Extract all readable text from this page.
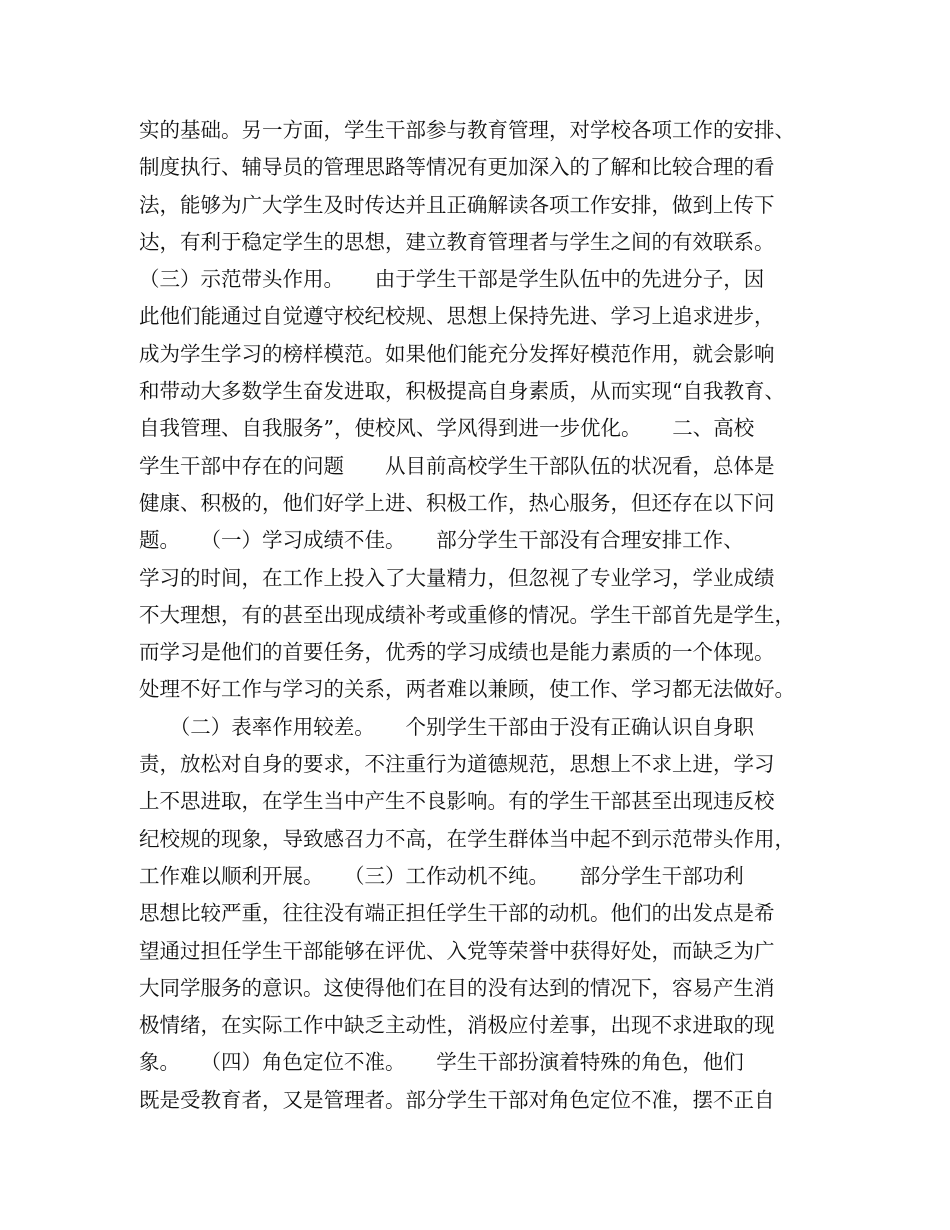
实的基础。另一方面，学生干部参与教育管理，对学校各项工作的安排、
制度执行、辅导员的管理思路等情况有更加深入的了解和比较合理的看
法，能够为广大学生及时传达并且正确解读各项工作安排，做到上传下
达，有利于稳定学生的思想，建立教育管理者与学生之间的有效联系。
（三）示范带头作用。　　由于学生干部是学生队伍中的先进分子，因
此他们能通过自觉遵守校纪校规、思想上保持先进、学习上追求进步，
成为学生学习的榜样模范。如果他们能充分发挥好模范作用，就会影响
和带动大多数学生奋发进取，积极提高自身素质，从而实现“自我教育、
自我管理、自我服务”，使校风、学风得到进一步优化。　　二、高校
学生干部中存在的问题　　从目前高校学生干部队伍的状况看，总体是
健康、积极的，他们好学上进、积极工作，热心服务，但还存在以下问
题。　　（一）学习成绩不佳。　　部分学生干部没有合理安排工作、
学习的时间，在工作上投入了大量精力，但忽视了专业学习，学业成绩
不大理想，有的甚至出现成绩补考或重修的情况。学生干部首先是学生，
而学习是他们的首要任务，优秀的学习成绩也是能力素质的一个体现。
处理不好工作与学习的关系，两者难以兼顾，使工作、学习都无法做好。
　　（二）表率作用较差。　　个别学生干部由于没有正确认识自身职
责，放松对自身的要求，不注重行为道德规范，思想上不求上进，学习
上不思进取，在学生当中产生不良影响。有的学生干部甚至出现违反校
纪校规的现象，导致感召力不高，在学生群体当中起不到示范带头作用，
工作难以顺利开展。　　（三）工作动机不纯。　　部分学生干部功利
思想比较严重，往往没有端正担任学生干部的动机。他们的出发点是希
望通过担任学生干部能够在评优、入党等荣誉中获得好处，而缺乏为广
大同学服务的意识。这使得他们在目的没有达到的情况下，容易产生消
极情绪，在实际工作中缺乏主动性，消极应付差事，出现不求进取的现
象。　　（四）角色定位不准。　　学生干部扮演着特殊的角色，他们
既是受教育者，又是管理者。部分学生干部对角色定位不准，摆不正自
